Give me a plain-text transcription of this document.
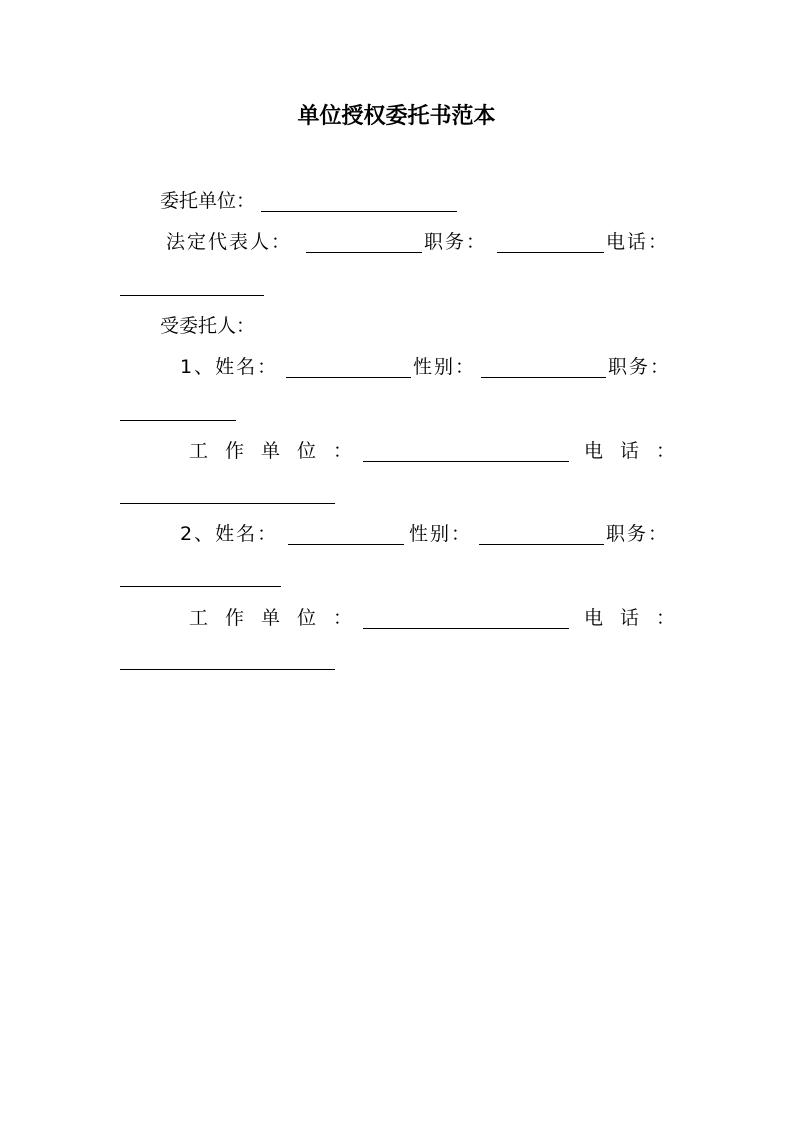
单位授权委托书范本
委托单位：
法定代表人：	职务：	电话：
受委托人：
1、姓名：	性别：	职务：
工作单位：	电话：
2、姓名：	性别：	职务：
工作单位：	电话：
